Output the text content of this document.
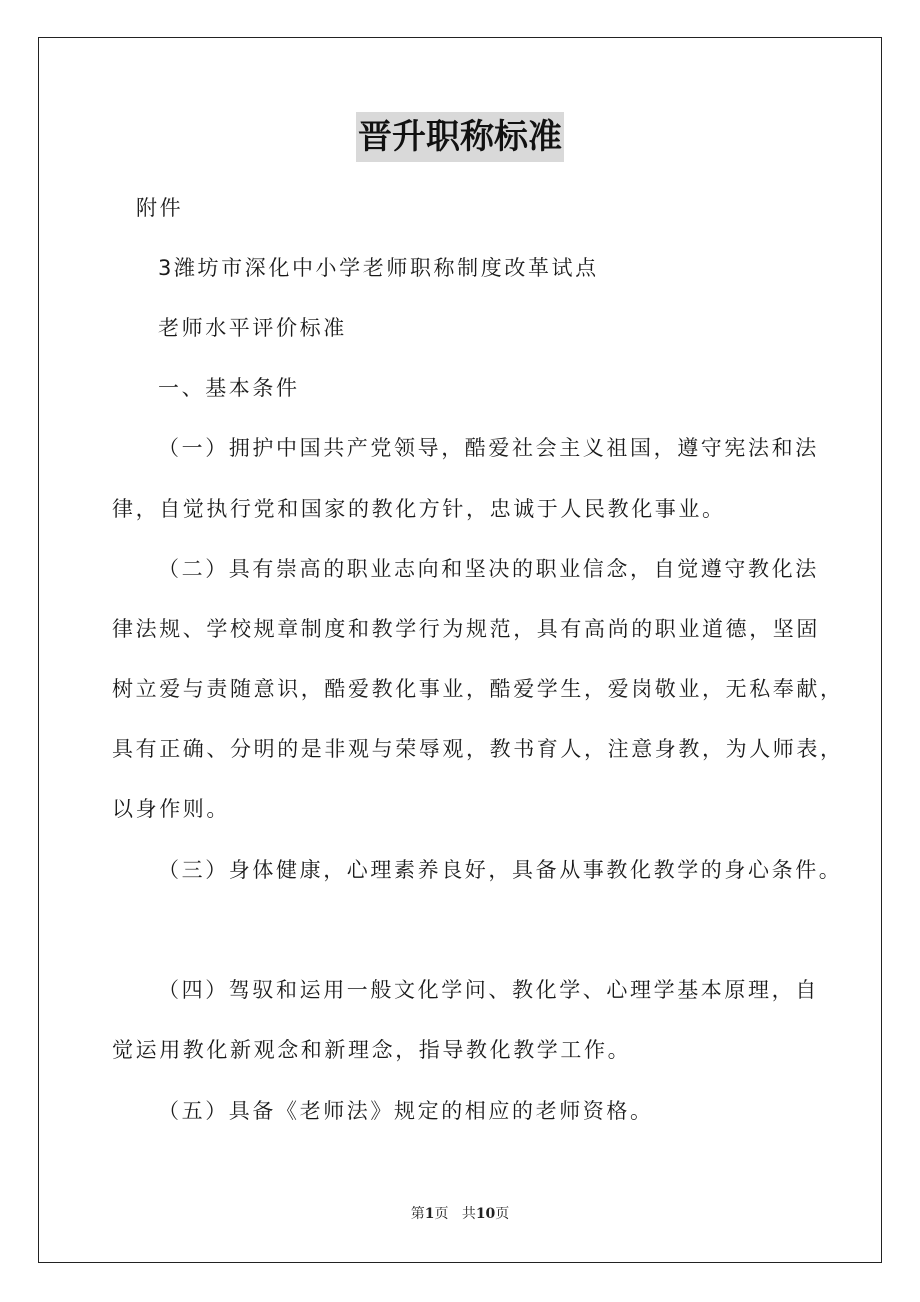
晋升职称标准
附件
3潍坊市深化中小学老师职称制度改革试点
老师水平评价标准
一、基本条件
（一）拥护中国共产党领导，酷爱社会主义祖国，遵守宪法和法
律，自觉执行党和国家的教化方针，忠诚于人民教化事业。
（二）具有崇高的职业志向和坚决的职业信念，自觉遵守教化法
律法规、学校规章制度和教学行为规范，具有高尚的职业道德，坚固
树立爱与责随意识，酷爱教化事业，酷爱学生，爱岗敬业，无私奉献，
具有正确、分明的是非观与荣辱观，教书育人，注意身教，为人师表，
以身作则。
（三）身体健康，心理素养良好，具备从事教化教学的身心条件。
（四）驾驭和运用一般文化学问、教化学、心理学基本原理，自
觉运用教化新观念和新理念，指导教化教学工作。
（五）具备《老师法》规定的相应的老师资格。
第1页 共10页
